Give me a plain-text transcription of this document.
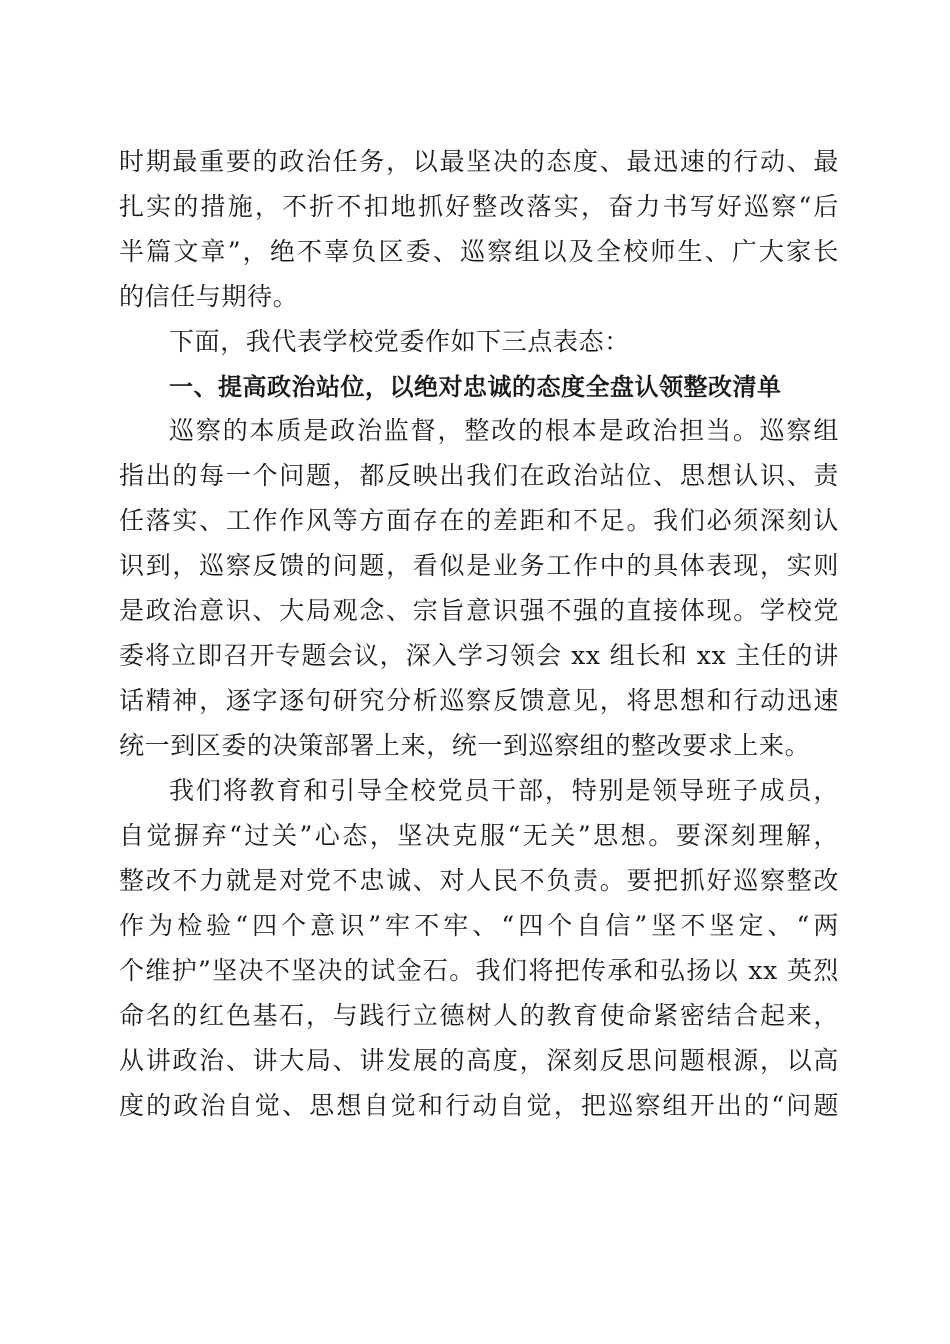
时期最重要的政治任务，以最坚决的态度、最迅速的行动、最
扎实的措施，不折不扣地抓好整改落实，奋力书写好巡察“后
半篇文章”，绝不辜负区委、巡察组以及全校师生、广大家长
的信任与期待。
下面，我代表学校党委作如下三点表态：
一、提高政治站位，以绝对忠诚的态度全盘认领整改清单
巡察的本质是政治监督，整改的根本是政治担当。巡察组
指出的每一个问题，都反映出我们在政治站位、思想认识、责
任落实、工作作风等方面存在的差距和不足。我们必须深刻认
识到，巡察反馈的问题，看似是业务工作中的具体表现，实则
是政治意识、大局观念、宗旨意识强不强的直接体现。学校党
委将立即召开专题会议，深入学习领会 xx 组长和 xx 主任的讲
话精神，逐字逐句研究分析巡察反馈意见，将思想和行动迅速
统一到区委的决策部署上来，统一到巡察组的整改要求上来。
我们将教育和引导全校党员干部，特别是领导班子成员，
自觉摒弃“过关”心态，坚决克服“无关”思想。要深刻理解，
整改不力就是对党不忠诚、对人民不负责。要把抓好巡察整改
作为检验“四个意识”牢不牢、“四个自信”坚不坚定、“两
个维护”坚决不坚决的试金石。我们将把传承和弘扬以 xx 英烈
命名的红色基石，与践行立德树人的教育使命紧密结合起来，
从讲政治、讲大局、讲发展的高度，深刻反思问题根源，以高
度的政治自觉、思想自觉和行动自觉，把巡察组开出的“问题
